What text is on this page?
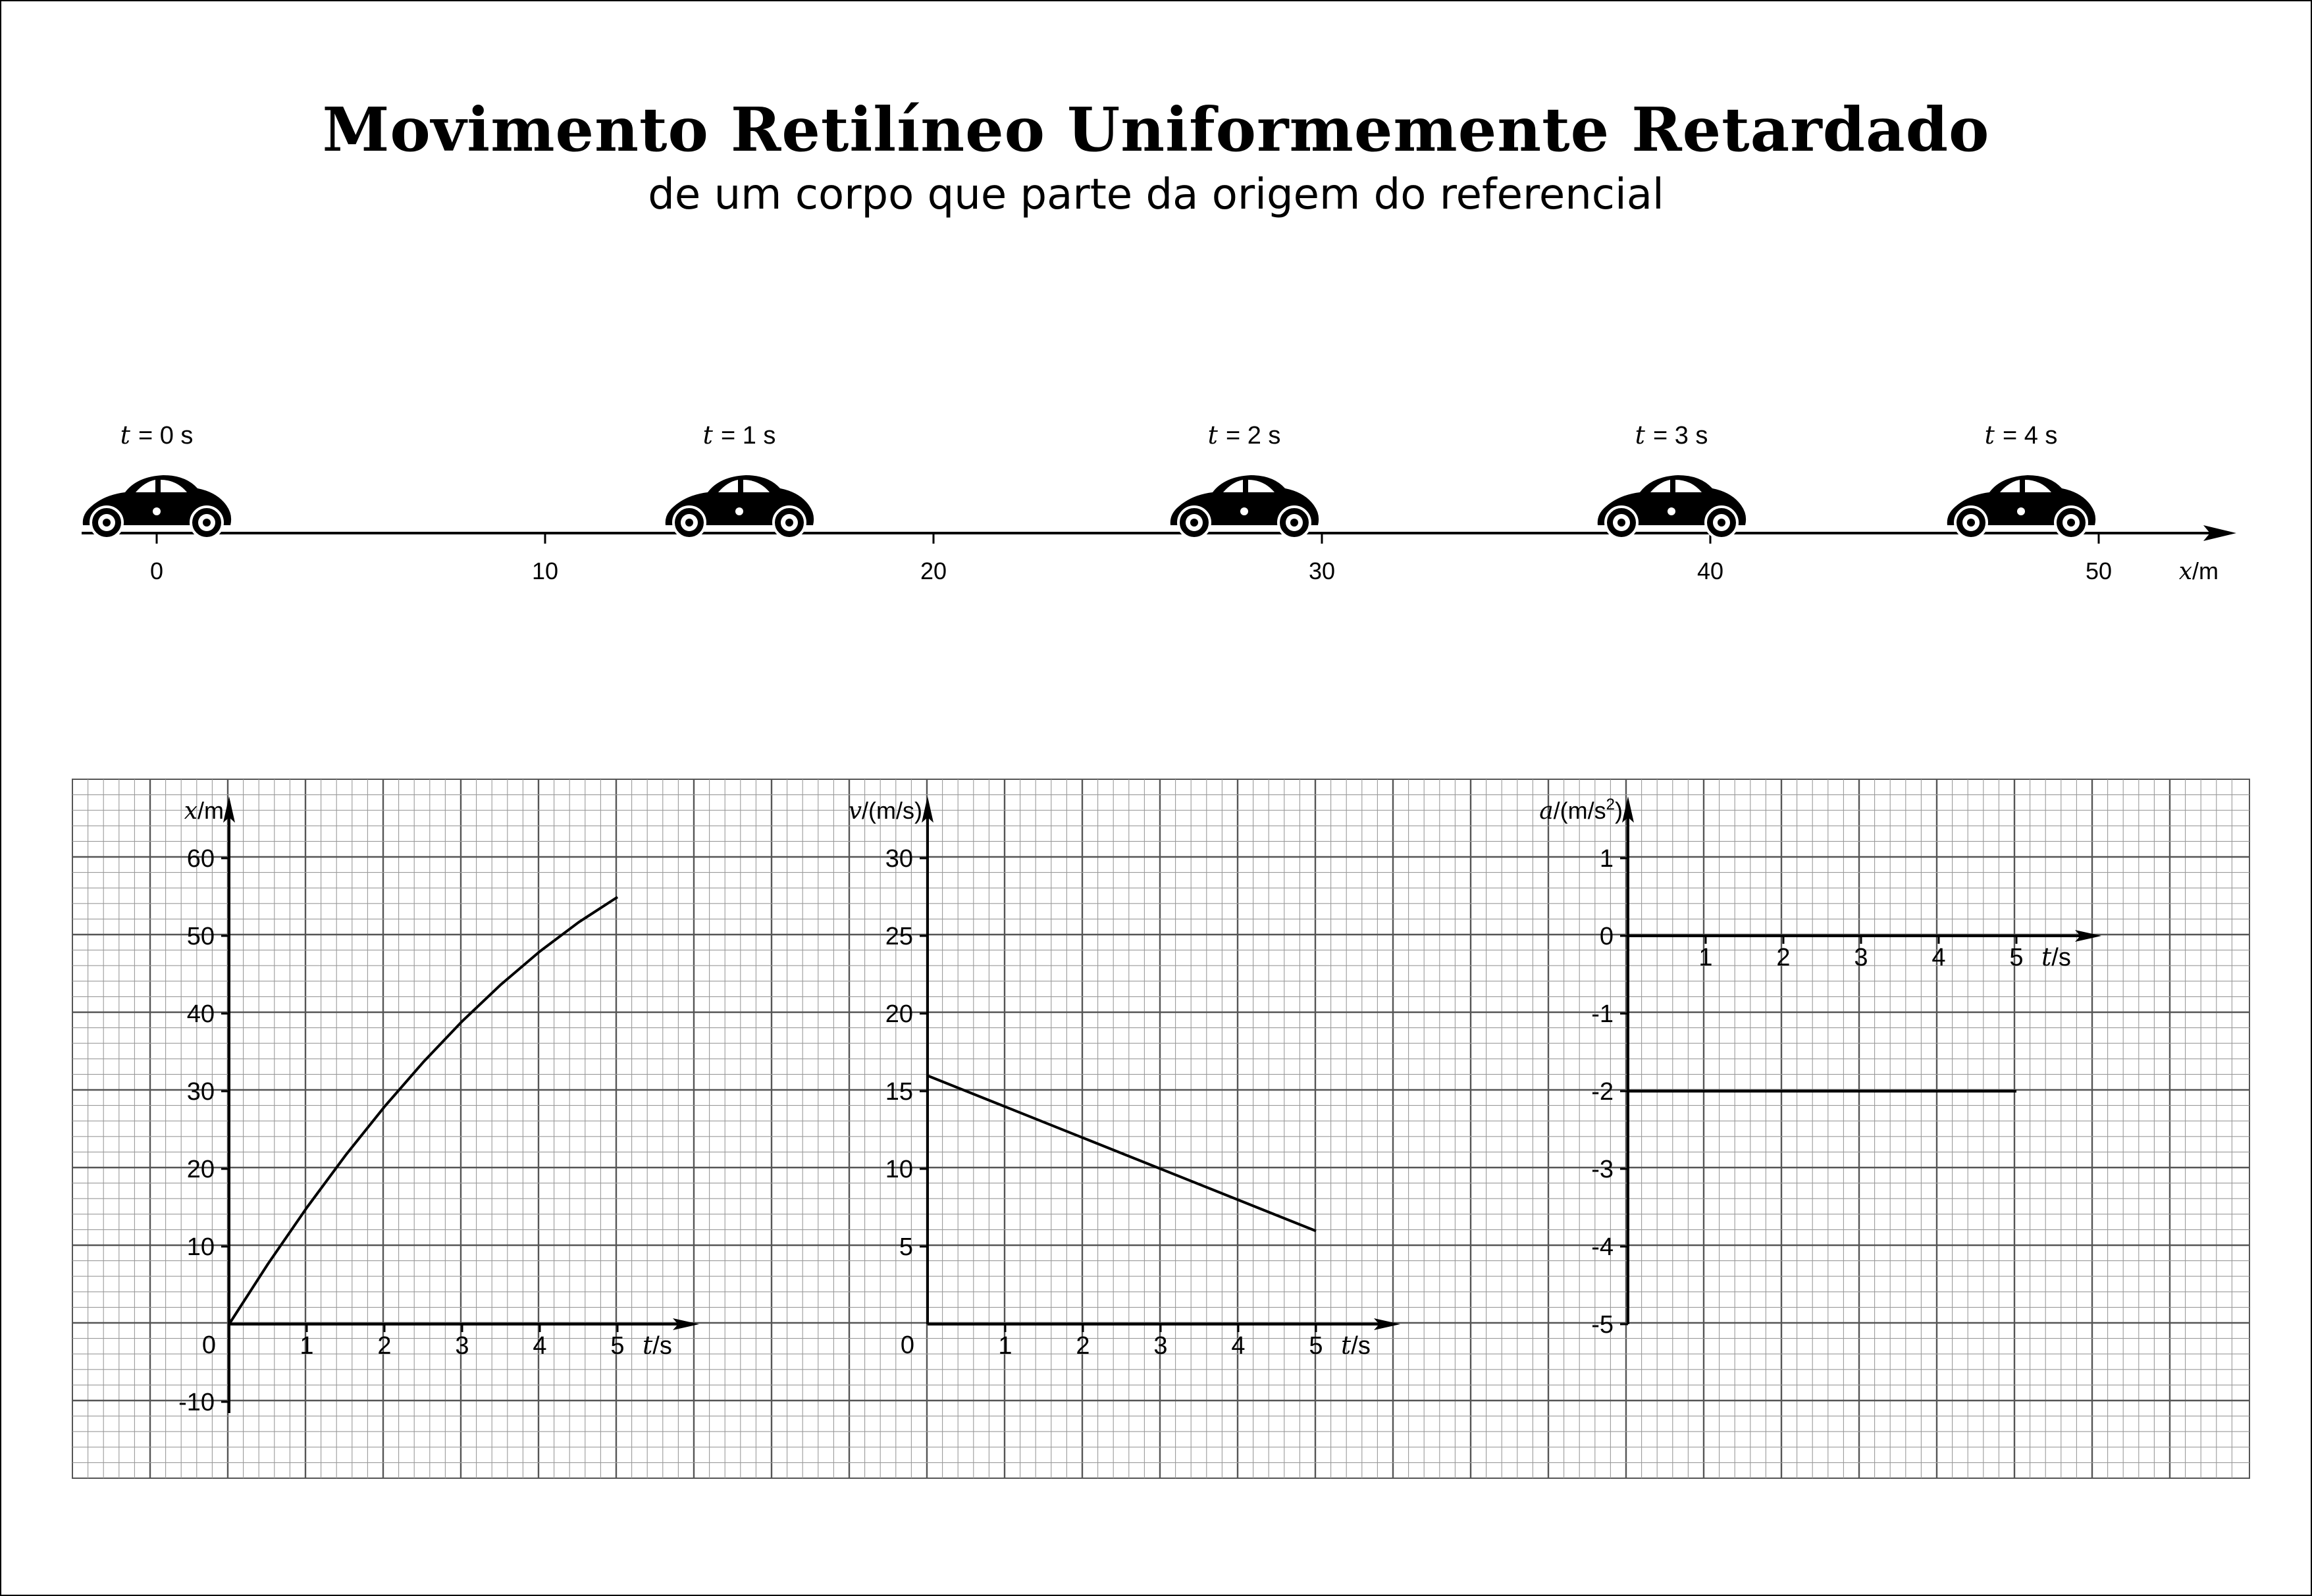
Movimento Retilíneo Uniformemente Retardado
de um corpo que parte da origem do referencial
0	10	20	30	40	50	x/m
t = 0 s	t = 1 s	t = 2 s	t = 3 s	t = 4 s
x/m
60
50
40
30
20
10
0
-10
1	2	3	4	5 t/s
v/(m/s)
30
25
20
15
10
5
0	1	2	3	4	5 t/s
$a/(m/s^2)$
1
0
-1
-2
-3
-4
-5
1	2	3	4	5 t/s
